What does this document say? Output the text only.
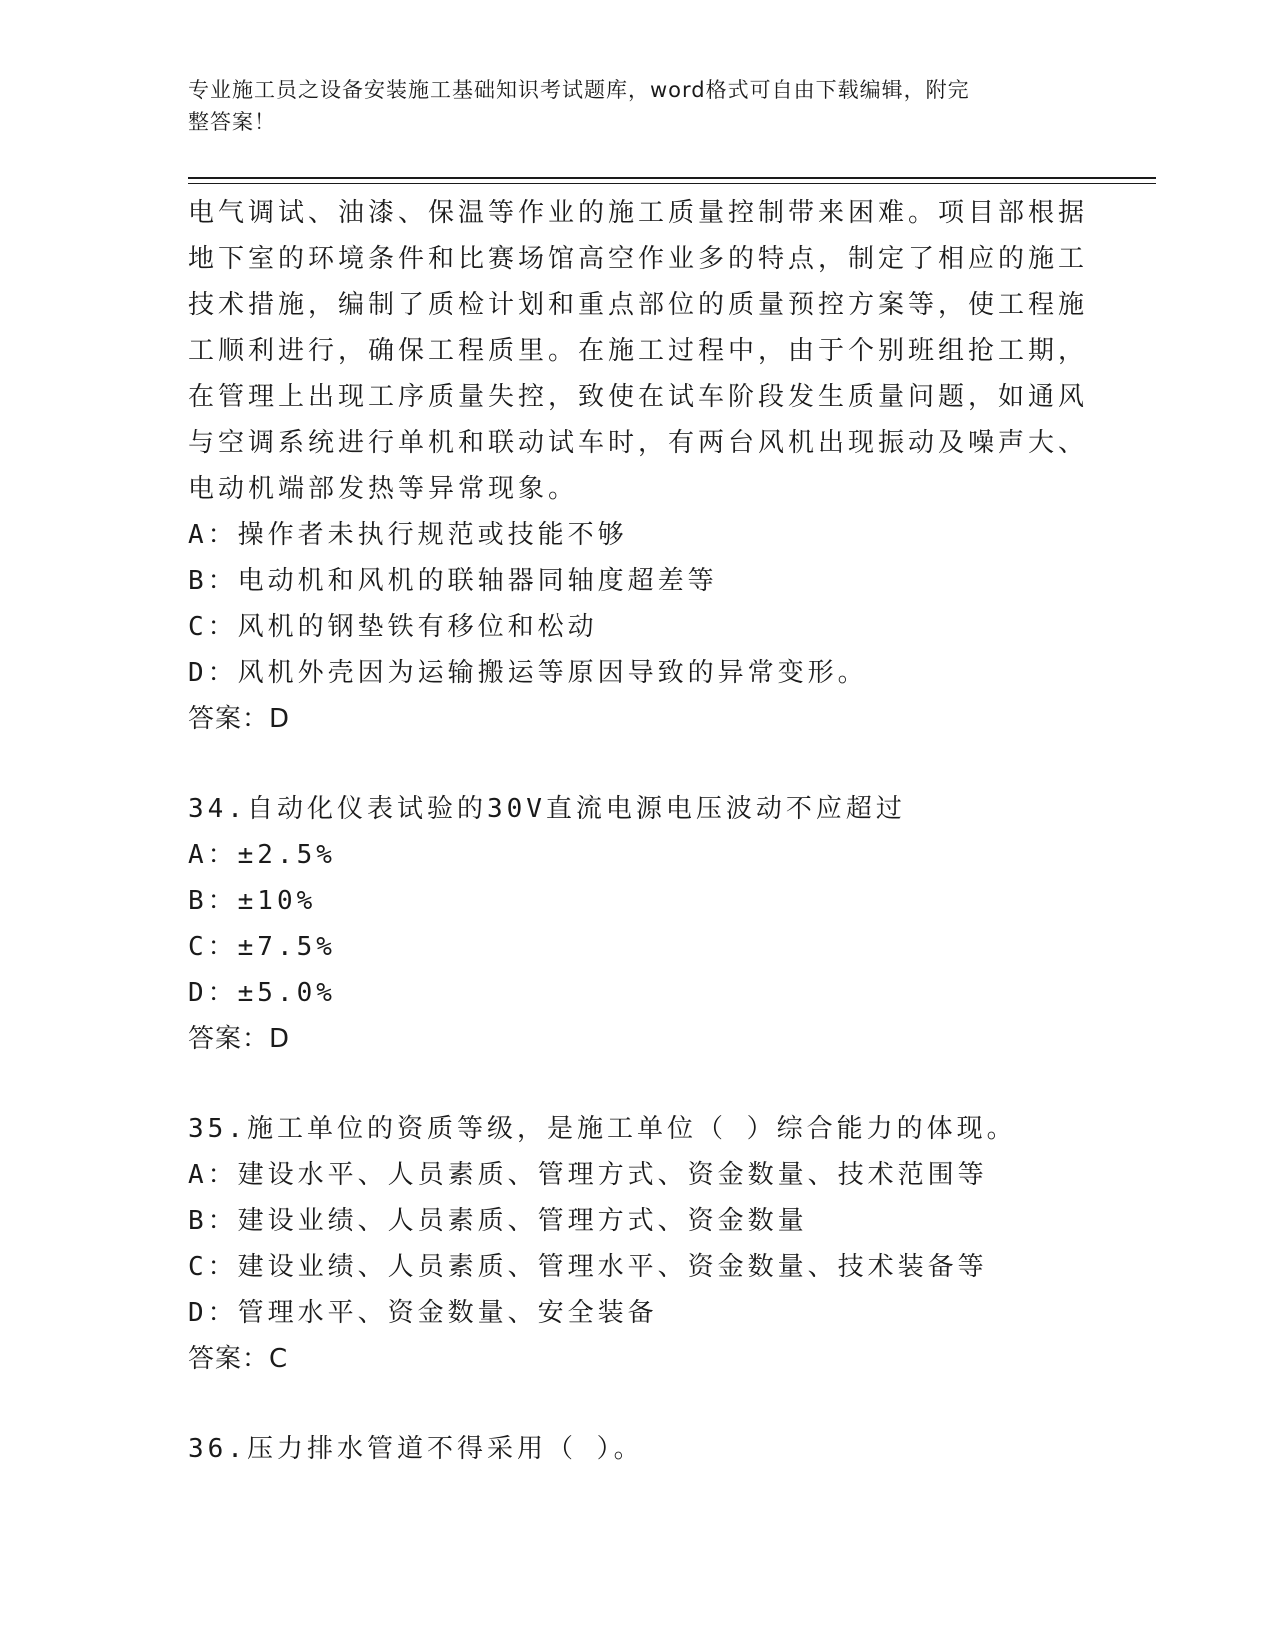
专业施工员之设备安装施工基础知识考试题库，word格式可自由下载编辑，附完
整答案！
电气调试、油漆、保温等作业的施工质量控制带来困难。项目部根据
地下室的环境条件和比赛场馆高空作业多的特点，制定了相应的施工
技术措施，编制了质检计划和重点部位的质量预控方案等，使工程施
工顺利进行，确保工程质里。在施工过程中，由于个别班组抢工期，
在管理上出现工序质量失控，致使在试车阶段发生质量问题，如通风
与空调系统进行单机和联动试车时，有两台风机出现振动及噪声大、
电动机端部发热等异常现象。
A：操作者未执行规范或技能不够
B：电动机和风机的联轴器同轴度超差等
C：风机的钢垫铁有移位和松动
D：风机外壳因为运输搬运等原因导致的异常变形。
答案：D
34.自动化仪表试验的30V直流电源电压波动不应超过
A：±2.5%
B：±10%
C：±7.5%
D：±5.0%
答案：D
35.施工单位的资质等级，是施工单位（ ）综合能力的体现。
A：建设水平、人员素质、管理方式、资金数量、技术范围等
B：建设业绩、人员素质、管理方式、资金数量
C：建设业绩、人员素质、管理水平、资金数量、技术装备等
D：管理水平、资金数量、安全装备
答案：C
36.压力排水管道不得采用（ ）。
